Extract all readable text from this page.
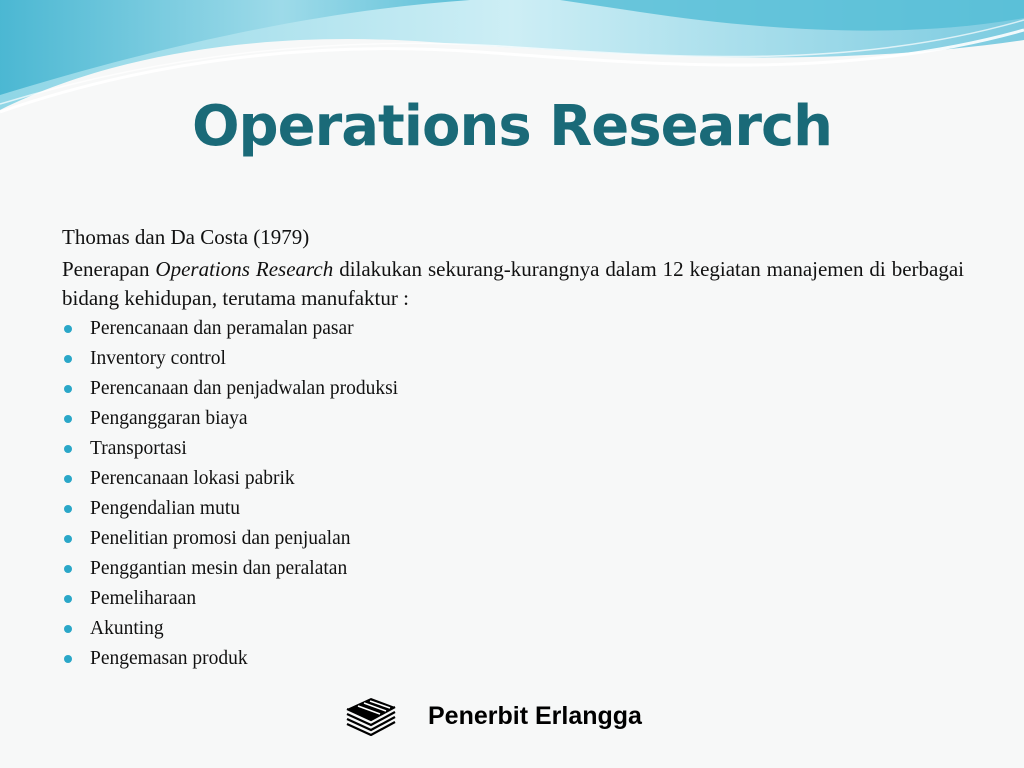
Operations Research
Thomas dan Da Costa (1979)
Penerapan Operations Research dilakukan sekurang-kurangnya dalam 12 kegiatan manajemen di berbagai bidang kehidupan, terutama manufaktur :
Perencanaan dan peramalan pasar
Inventory control
Perencanaan dan penjadwalan produksi
Penganggaran biaya
Transportasi
Perencanaan lokasi pabrik
Pengendalian mutu
Penelitian promosi dan penjualan
Penggantian mesin dan peralatan
Pemeliharaan
Akunting
Pengemasan produk
Penerbit Erlangga
